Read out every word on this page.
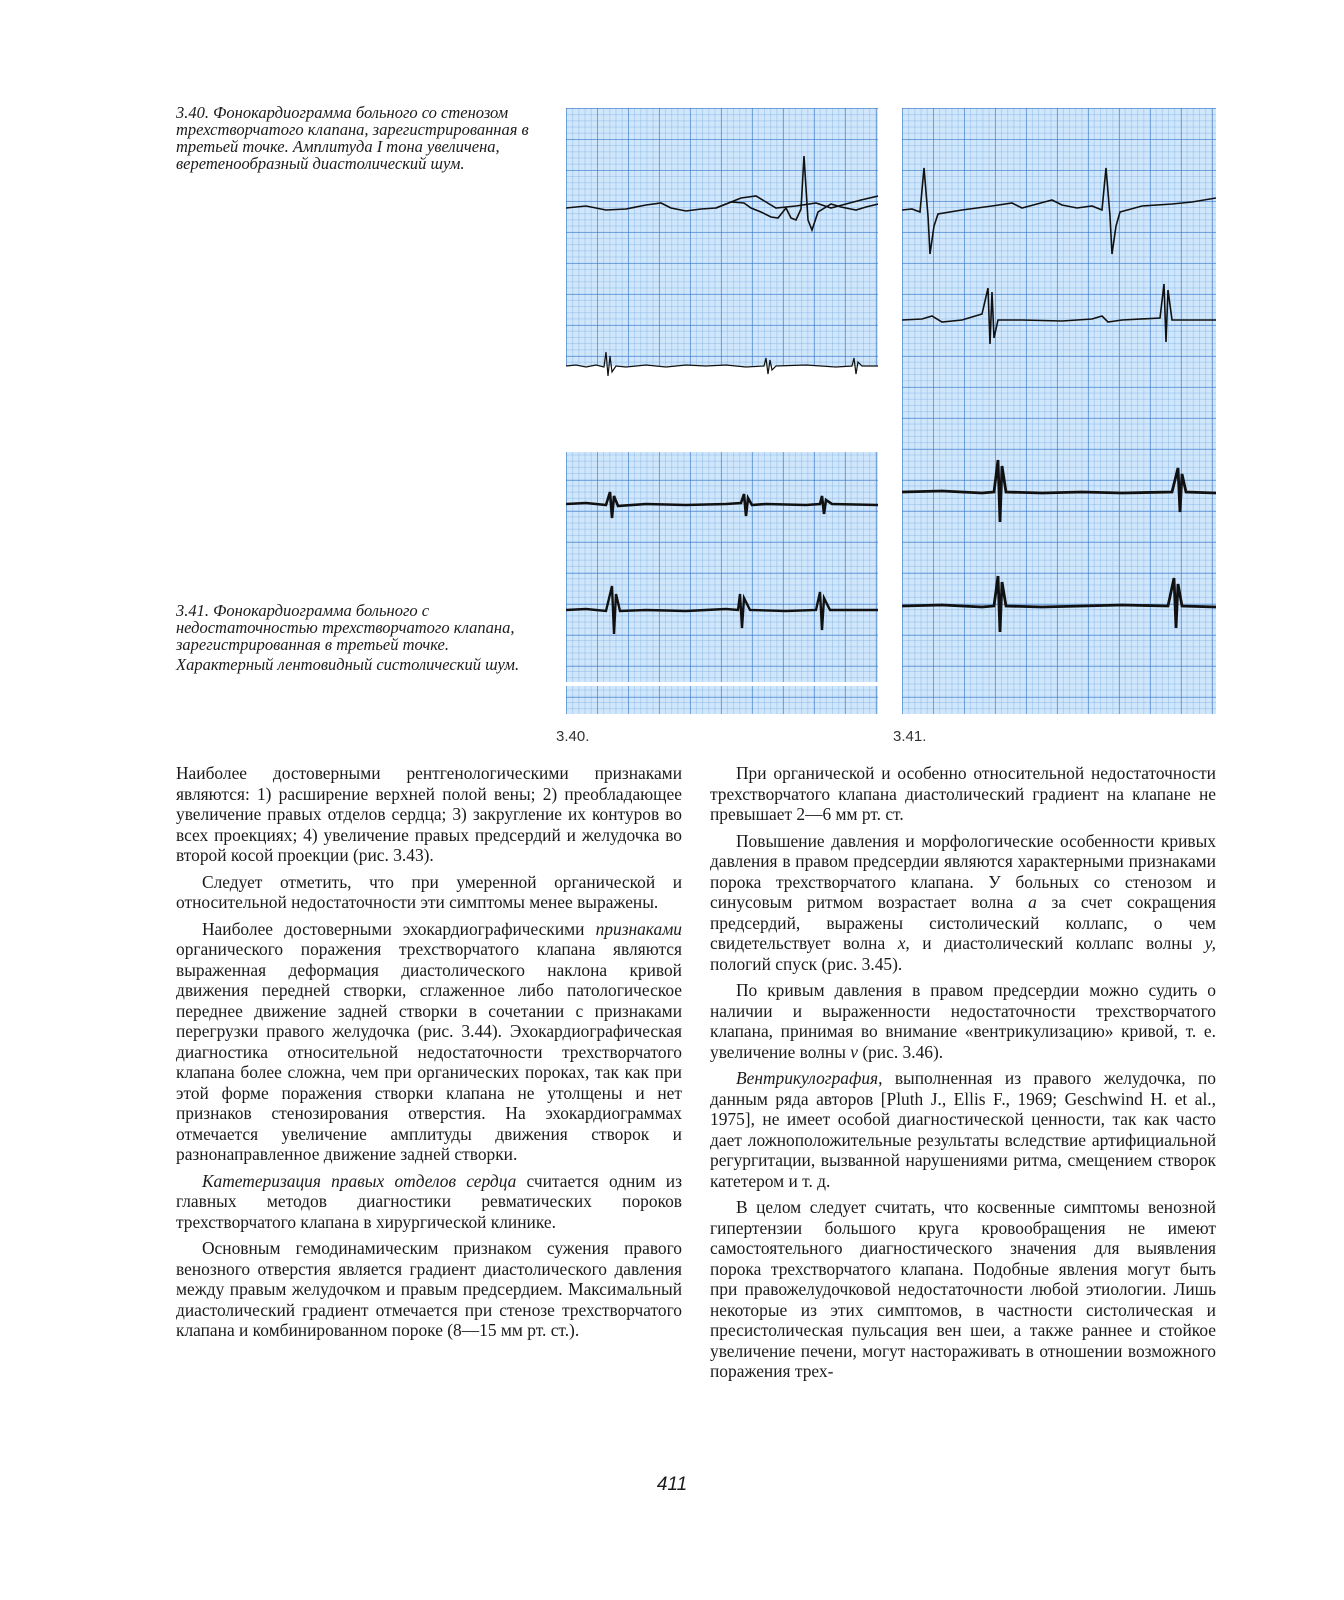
3.40. Фонокардиограмма больного со стенозом трехстворчатого клапана, зарегистрированная в третьей точке. Амплитуда I тона увеличена, веретенообразный диастолический шум.

3.41. Фонокардиограмма больного с недостаточностью трехстворчатого клапана, зарегистрированная в третьей точке.

Характерный лентовидный систолический шум.

3.40.	3.41.

Наиболее достоверными рентгенологическими признаками являются: 1) расширение верхней полой вены; 2) преобладающее увеличение правых отделов сердца; 3) закругление их контуров во всех проекциях; 4) увеличение правых предсердий и желудочка во второй косой проекции (рис. 3.43).

Следует отметить, что при умеренной органической и относительной недостаточности эти симптомы менее выражены.

Наиболее достоверными эхокардиографическими признаками органического поражения трехстворчатого клапана являются выраженная деформация диастолического наклона кривой движения передней створки, сглаженное либо патологическое переднее движение задней створки в сочетании с признаками перегрузки правого желудочка (рис. 3.44). Эхокардиографическая диагностика относительной недостаточности трехстворчатого клапана более сложна, чем при органических пороках, так как при этой форме поражения створки клапана не утолщены и нет признаков стенозирования отверстия. На эхокардиограммах отмечается увеличение амплитуды движения створок и разнонаправленное движение задней створки.

Катетеризация правых отделов сердца считается одним из главных методов диагностики ревматических пороков трехстворчатого клапана в хирургической клинике.

Основным гемодинамическим признаком сужения правого венозного отверстия является градиент диастолического давления между правым желудочком и правым предсердием. Максимальный диастолический градиент отмечается при стенозе трехстворчатого клапана и комбинированном пороке (8—15 мм рт. ст.).

При органической и особенно относительной недостаточности трехстворчатого клапана диастолический градиент на клапане не превышает 2—6 мм рт. ст.

Повышение давления и морфологические особенности кривых давления в правом предсердии являются характерными признаками порока трехстворчатого клапана. У больных со стенозом и синусовым ритмом возрастает волна а за счет сокращения предсердий, выражены систолический коллапс, о чем свидетельствует волна х, и диастолический коллапс волны у, пологий спуск (рис. 3.45).

По кривым давления в правом предсердии можно судить о наличии и выраженности недостаточности трехстворчатого клапана, принимая во внимание «вентрикулизацию» кривой, т. е. увеличение волны v (рис. 3.46).

Вентрикулография, выполненная из правого желудочка, по данным ряда авторов [Pluth J., Ellis F., 1969; Geschwind H. et al., 1975], не имеет особой диагностической ценности, так как часто дает ложноположительные результаты вследствие артифициальной регургитации, вызванной нарушениями ритма, смещением створок катетером и т. д.

В целом следует считать, что косвенные симптомы венозной гипертензии большого круга кровообращения не имеют самостоятельного диагностического значения для выявления порока трехстворчатого клапана. Подобные явления могут быть при правожелудочковой недостаточности любой этиологии. Лишь некоторые из этих симптомов, в частности систолическая и пресистолическая пульсация вен шеи, а также раннее и стойкое увеличение печени, могут настораживать в отношении возможного поражения трех-

411
